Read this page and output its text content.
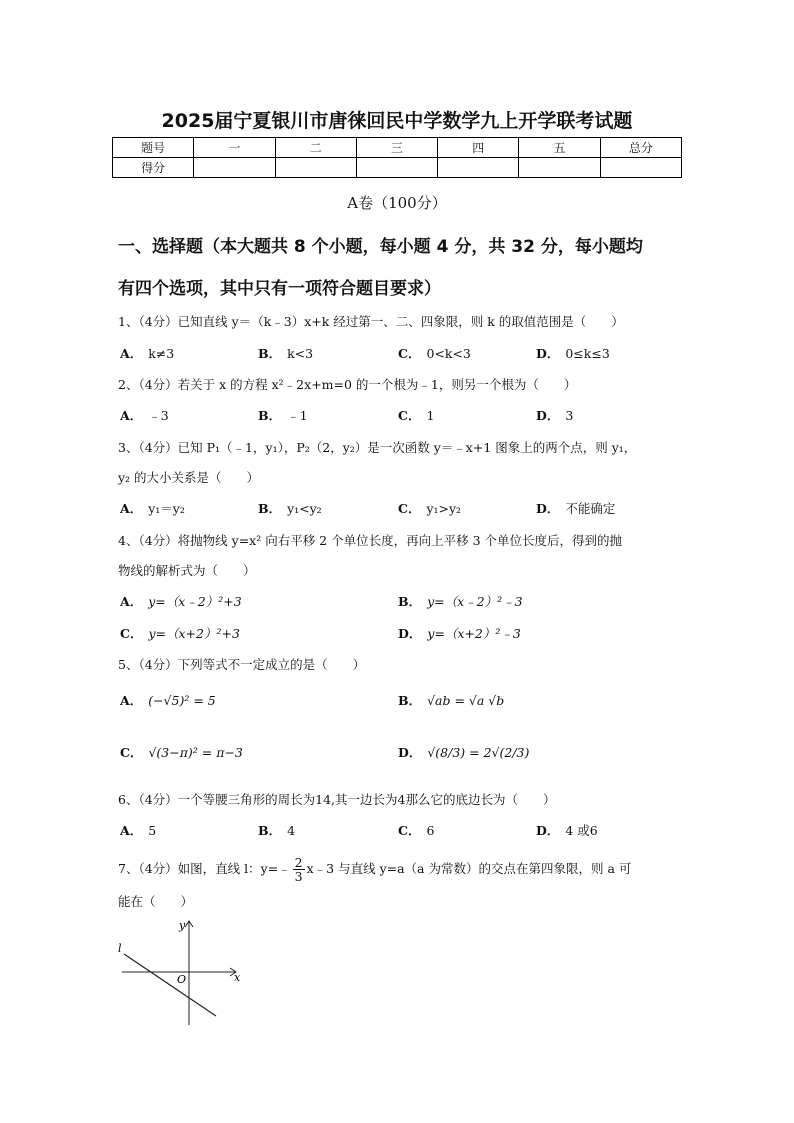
2025届宁夏银川市唐徕回民中学数学九上开学联考试题
题号	一	二	三	四	五	总分
得分						
A卷（100分）
一、选择题（本大题共 8 个小题，每小题 4 分，共 32 分，每小题均
有四个选项，其中只有一项符合题目要求）
1、（4分）已知直线 y＝（k﹣3）x+k 经过第一、二、四象限，则 k 的取值范围是（　　）
A． k≠3	B． k<3	C． 0<k<3	D． 0≤k≤3
2、（4分）若关于 x 的方程 x²﹣2x+m=0 的一个根为﹣1，则另一个根为（　　）
A． ﹣3	B． ﹣1	C． 1	D． 3
3、（4分）已知 P₁（﹣1，y₁），P₂（2，y₂）是一次函数 y＝﹣x+1 图象上的两个点，则 y₁，
y₂ 的大小关系是（　　）
A． y₁＝y₂	B． y₁<y₂	C． y₁>y₂	D． 不能确定
4、（4分）将抛物线 y=x² 向右平移 2 个单位长度，再向上平移 3 个单位长度后，得到的抛
物线的解析式为（　　）
A． y=（x﹣2）²+3	B． y=（x﹣2）²﹣3
C． y=（x+2）²+3	D． y=（x+2）²﹣3
5、（4分）下列等式不一定成立的是（　　）
A． (−√5)² = 5	B． √ab = √a √b
C． √(3−π)² = π−3	D． √(8/3) = 2√(2/3)
6、（4分）一个等腰三角形的周长为14,其一边长为4那么它的底边长为（　　）
A． 5	B． 4	C． 6	D． 4 或6
7、（4分）如图，直线 l：y=﹣ $\frac{2}{3}$ x﹣3 与直线 y=a（a 为常数）的交点在第四象限，则 a 可
能在（　　）
l
y
x
O
